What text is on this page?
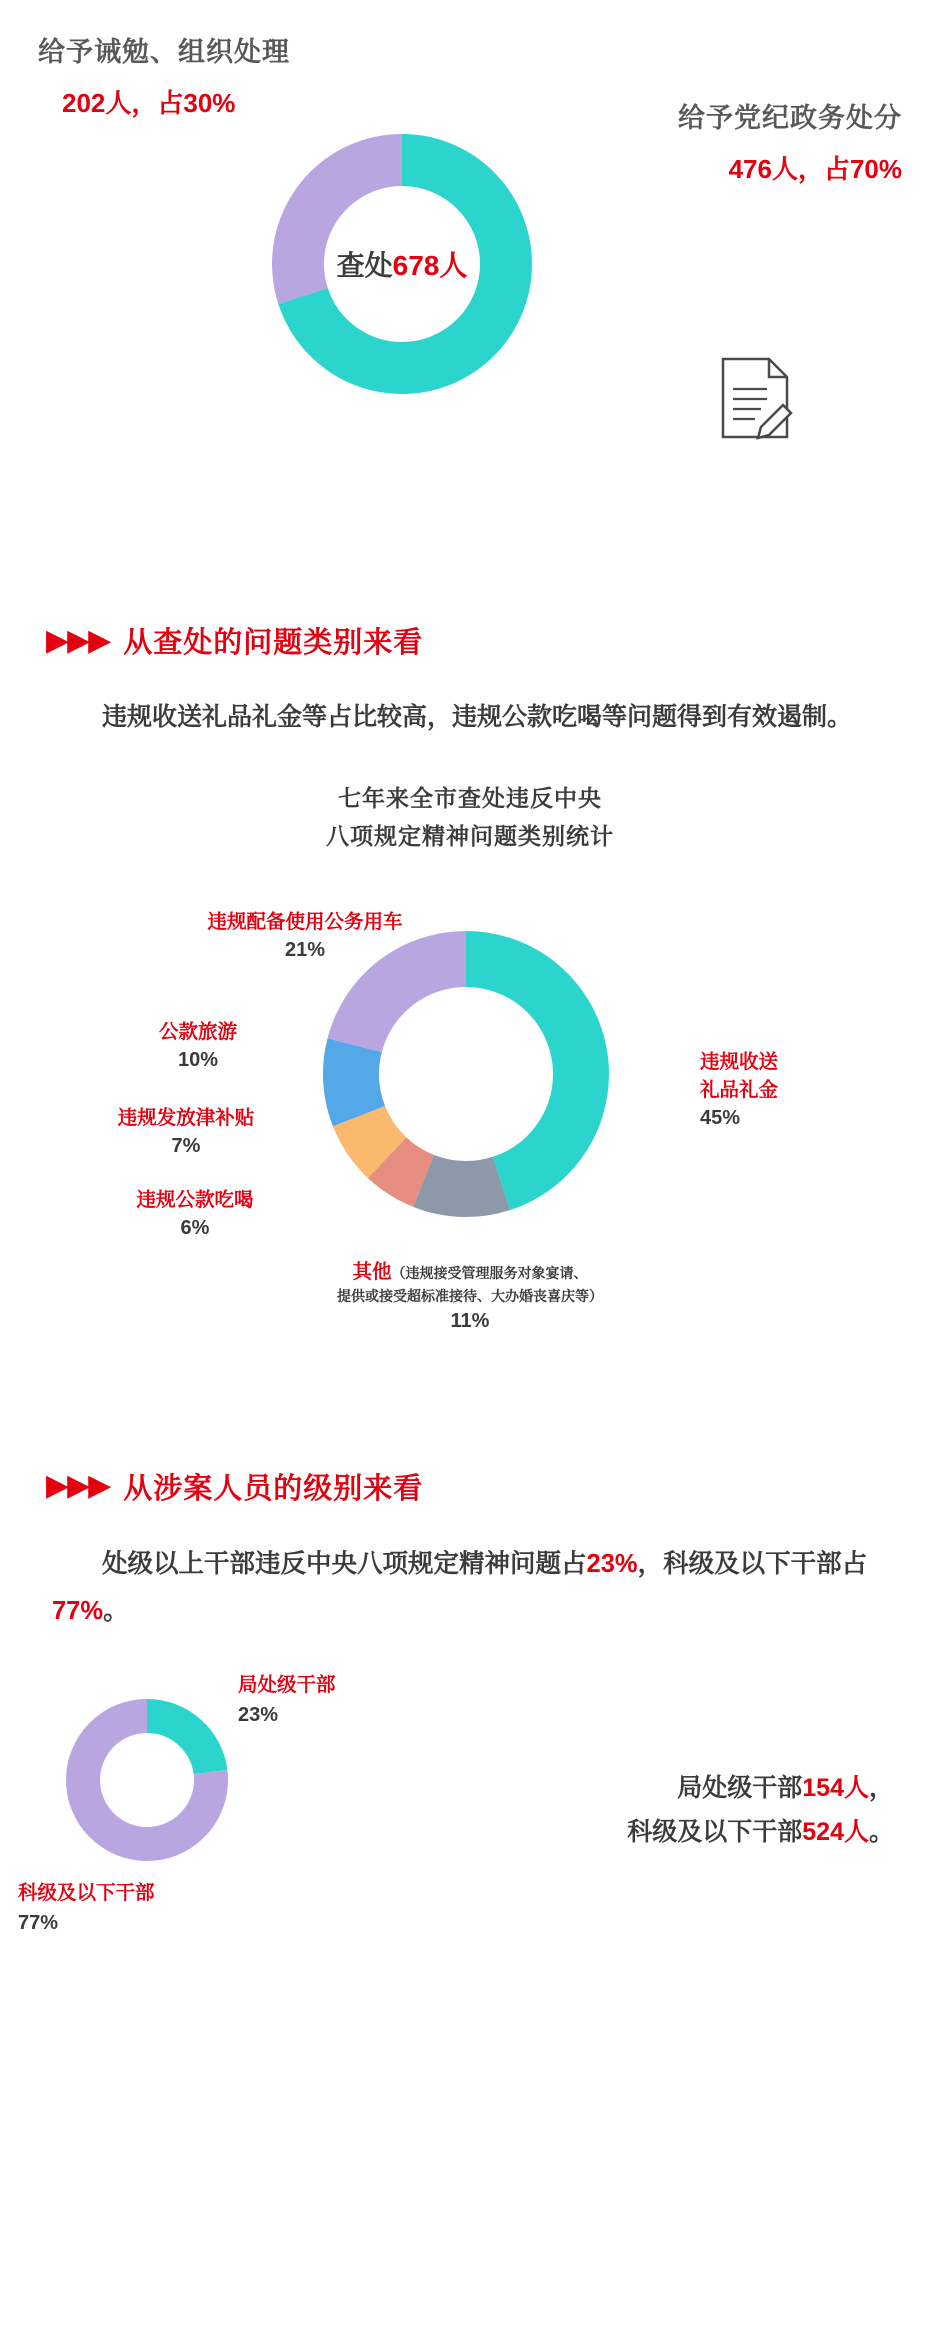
给予诫勉、组织处理
202人，占30%	给予党纪政务处分
476人，占70%
查处 678人
▶▶▶ 从查处的问题类别来看
违规收送礼品礼金等占比较高，违规公款吃喝等问题得到有效遏制。
七年来全市查处违反中央
八项规定精神问题类别统计
违规配备使用公务用车
21%
公款旅游
10%
违规发放津补贴
7%
违规公款吃喝
6%
其他（违规接受管理服务对象宴请、
提供或接受超标准接待、大办婚丧喜庆等）
11%
违规收送
礼品礼金
45%
▶▶▶ 从涉案人员的级别来看
处级以上干部违反中央八项规定精神问题占23%，科级及以下干部占77%。
局处级干部
23%
科级及以下干部
77%
局处级干部154人，
科级及以下干部524人。
